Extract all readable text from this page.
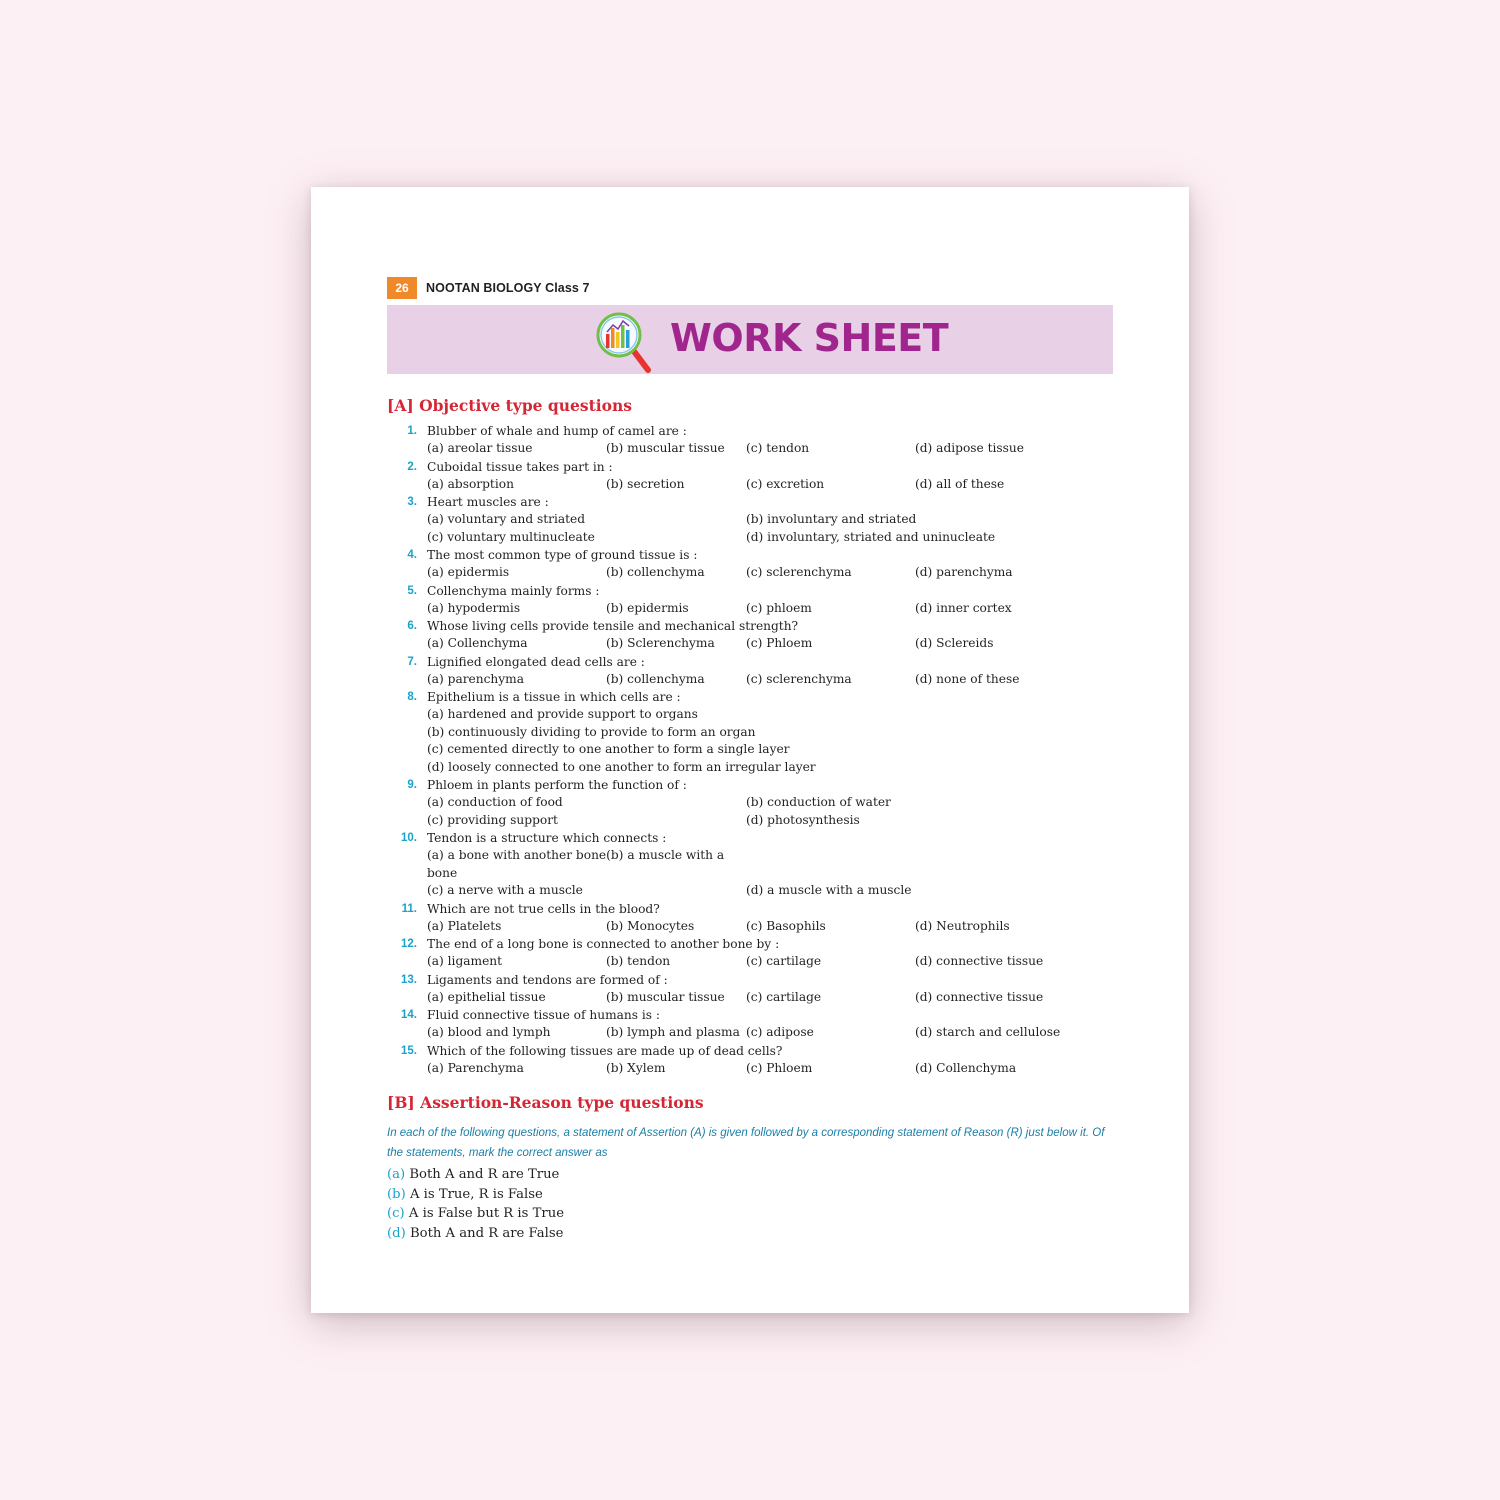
26	NOOTAN BIOLOGY Class 7
WORK SHEET
[A] Objective type questions
1. Blubber of whale and hump of camel are :
(a) areolar tissue	(b) muscular tissue	(c) tendon	(d) adipose tissue
2. Cuboidal tissue takes part in :
(a) absorption	(b) secretion	(c) excretion	(d) all of these
3. Heart muscles are :
(a) voluntary and striated	(b) involuntary and striated
(c) voluntary multinucleate	(d) involuntary, striated and uninucleate
4. The most common type of ground tissue is :
(a) epidermis	(b) collenchyma	(c) sclerenchyma	(d) parenchyma
5. Collenchyma mainly forms :
(a) hypodermis	(b) epidermis	(c) phloem	(d) inner cortex
6. Whose living cells provide tensile and mechanical strength?
(a) Collenchyma	(b) Sclerenchyma	(c) Phloem	(d) Sclereids
7. Lignified elongated dead cells are :
(a) parenchyma	(b) collenchyma	(c) sclerenchyma	(d) none of these
8. Epithelium is a tissue in which cells are :
(a) hardened and provide support to organs
(b) continuously dividing to provide to form an organ
(c) cemented directly to one another to form a single layer
(d) loosely connected to one another to form an irregular layer
9. Phloem in plants perform the function of :
(a) conduction of food	(b) conduction of water
(c) providing support	(d) photosynthesis
10. Tendon is a structure which connects :
(a) a bone with another bone(b) a muscle with a bone
(c) a nerve with a muscle	(d) a muscle with a muscle
11. Which are not true cells in the blood?
(a) Platelets	(b) Monocytes	(c) Basophils	(d) Neutrophils
12. The end of a long bone is connected to another bone by :
(a) ligament	(b) tendon	(c) cartilage	(d) connective tissue
13. Ligaments and tendons are formed of :
(a) epithelial tissue	(b) muscular tissue	(c) cartilage	(d) connective tissue
14. Fluid connective tissue of humans is :
(a) blood and lymph	(b) lymph and plasma (c) adipose	(d) starch and cellulose
15. Which of the following tissues are made up of dead cells?
(a) Parenchyma	(b) Xylem	(c) Phloem	(d) Collenchyma
[B] Assertion-Reason type questions
In each of the following questions, a statement of Assertion (A) is given followed by a corresponding statement of Reason (R) just below it. Of the statements, mark the correct answer as
(a) Both A and R are True
(b) A is True, R is False
(c) A is False but R is True
(d) Both A and R are False
